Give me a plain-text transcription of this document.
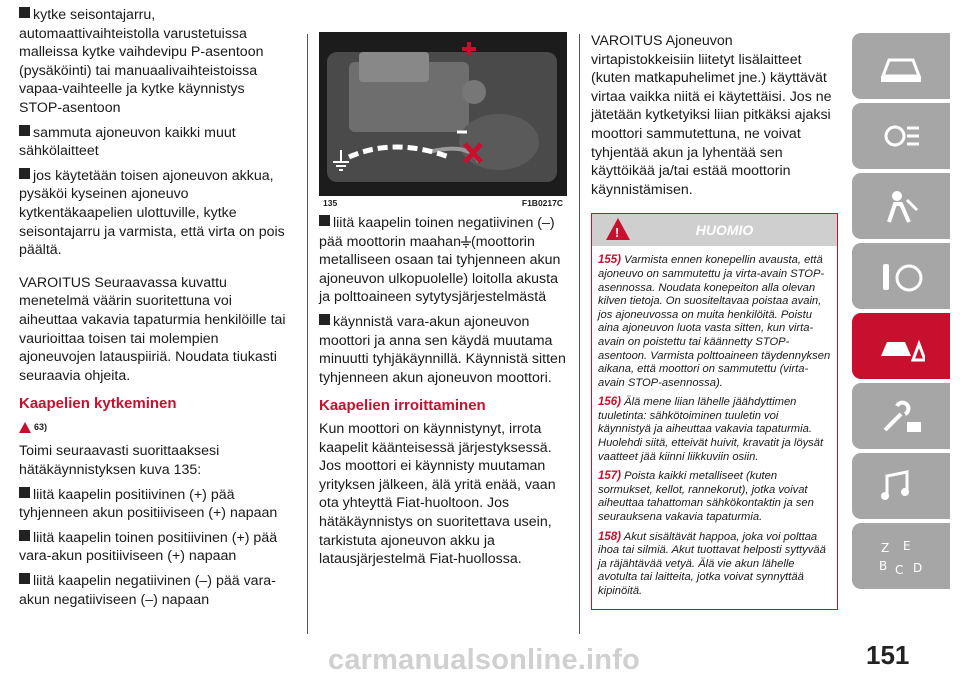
kytke seisontajarru, automaattivaihteistolla varustetuissa malleissa kytke vaihdevipu P-asentoon (pysäköinti) tai manuaalivaihteistoissa vapaa-vaihteelle ja kytke käynnistys STOP-asentoon
sammuta ajoneuvon kaikki muut sähkölaitteet
jos käytetään toisen ajoneuvon akkua, pysäköi kyseinen ajoneuvo kytkentäkaapelien ulottuville, kytke seisontajarru ja varmista, että virta on pois päältä.

VAROITUS Seuraavassa kuvattu menetelmä väärin suoritettuna voi aiheuttaa vakavia tapaturmia henkilöille tai vaurioittaa toisen tai molempien ajoneuvojen latauspiiriä. Noudata tiukasti seuraavia ohjeita.

Kaapelien kytkeminen
63)

Toimi seuraavasti suorittaaksesi hätäkäynnistyksen kuva 135:

liitä kaapelin positiivinen (+) pää tyhjenneen akun positiiviseen (+) napaan
liitä kaapelin toinen positiivinen (+) pää vara-akun positiiviseen (+) napaan
liitä kaapelin negatiivinen (–) pää vara-akun negatiiviseen (–) napaan
135	F1B0217C
liitä kaapelin toinen negatiivinen (–) pää moottorin maahan (moottorin metalliseen osaan tai tyhjenneen akun ajoneuvon ulkopuolelle) loitolla akusta ja polttoaineen sytytysjärjestelmästä
käynnistä vara-akun ajoneuvon moottori ja anna sen käydä muutama minuutti tyhjäkäynnillä. Käynnistä sitten tyhjenneen akun ajoneuvon moottori.
Kaapelien irroittaminen

Kun moottori on käynnistynyt, irrota kaapelit käänteisessä järjestyksessä. Jos moottori ei käynnisty muutaman yrityksen jälkeen, älä yritä enää, vaan ota yhteyttä Fiat-huoltoon. Jos hätäkäynnistys on suoritettava usein, tarkistuta ajoneuvon akku ja latausjärjestelmä Fiat-huollossa.

VAROITUS Ajoneuvon virtapistokkeisiin liitetyt lisälaitteet (kuten matkapuhelimet jne.) käyttävät virtaa vaikka niitä ei käytettäisi. Jos ne jätetään kytketyiksi liian pitkäksi ajaksi moottori sammutettuna, ne voivat tyhjentää akun ja lyhentää sen käyttöikää ja/tai estää moottorin käynnistämisen.

!
HUOMIO

155) Varmista ennen konepellin avausta, että ajoneuvo on sammutettu ja virta-avain STOP-asennossa. Noudata konepeiton alla olevan kilven tietoja. On suositeltavaa poistaa avain, jos ajoneuvossa on muita henkilöitä. Poistu aina ajoneuvon luota vasta sitten, kun virta-avain on poistettu tai käännetty STOP-asentoon. Varmista polttoaineen täydennyksen aikana, että moottori on sammutettu (virta-avain STOP-asennossa).

156) Älä mene liian lähelle jäähdyttimen tuuletinta: sähkötoiminen tuuletin voi käynnistyä ja aiheuttaa vakavia tapaturmia. Huolehdi siitä, etteivät huivit, kravatit ja löysät vaatteet jää kiinni liikkuviin osiin.

157) Poista kaikki metalliseet (kuten sormukset, kellot, rannekorut), jotka voivat aiheuttaa tahattoman sähkökontaktin ja sen seurauksena vakavia tapaturmia.

158) Akut sisältävät happoa, joka voi polttaa ihoa tai silmiä. Akut tuottavat helposti syttyvää ja räjähtävää vetyä. Älä vie akun lähelle avotulta tai laitteita, jotka voivat synnyttää kipinöitä.

Z E
B D
C
151
carmanualsonline.info
